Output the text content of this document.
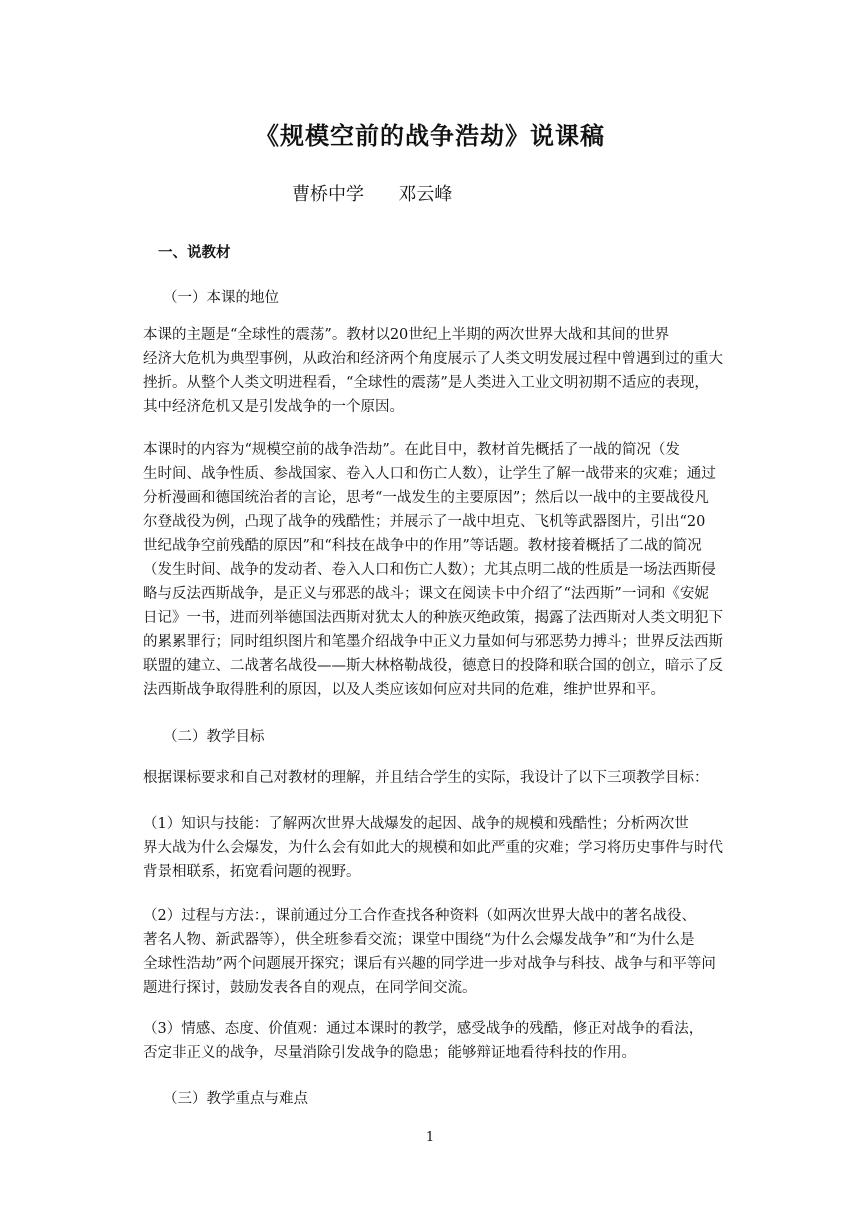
《规模空前的战争浩劫》说课稿
曹桥中学      邓云峰
一、说教材
（一）本课的地位
本课的主题是“全球性的震荡”。教材以20世纪上半期的两次世界大战和其间的世界
经济大危机为典型事例，从政治和经济两个角度展示了人类文明发展过程中曾遇到过的重大
挫折。从整个人类文明进程看，“全球性的震荡”是人类进入工业文明初期不适应的表现，
其中经济危机又是引发战争的一个原因。
本课时的内容为“规模空前的战争浩劫”。在此目中，教材首先概括了一战的简况（发
生时间、战争性质、参战国家、卷入人口和伤亡人数），让学生了解一战带来的灾难；通过
分析漫画和德国统治者的言论，思考“一战发生的主要原因”；然后以一战中的主要战役凡
尔登战役为例，凸现了战争的残酷性；并展示了一战中坦克、飞机等武器图片，引出“20
世纪战争空前残酷的原因”和“科技在战争中的作用”等话题。教材接着概括了二战的简况
（发生时间、战争的发动者、卷入人口和伤亡人数）；尤其点明二战的性质是一场法西斯侵
略与反法西斯战争，是正义与邪恶的战斗；课文在阅读卡中介绍了“法西斯”一词和《安妮
日记》一书，进而列举德国法西斯对犹太人的种族灭绝政策，揭露了法西斯对人类文明犯下
的累累罪行；同时组织图片和笔墨介绍战争中正义力量如何与邪恶势力搏斗；世界反法西斯
联盟的建立、二战著名战役——斯大林格勒战役，德意日的投降和联合国的创立，暗示了反
法西斯战争取得胜利的原因，以及人类应该如何应对共同的危难，维护世界和平。
（二）教学目标
根据课标要求和自己对教材的理解，并且结合学生的实际，我设计了以下三项教学目标：
（1）知识与技能：了解两次世界大战爆发的起因、战争的规模和残酷性；分析两次世
界大战为什么会爆发，为什么会有如此大的规模和如此严重的灾难；学习将历史事件与时代
背景相联系，拓宽看问题的视野。
（2）过程与方法：，课前通过分工合作查找各种资料（如两次世界大战中的著名战役、
著名人物、新武器等），供全班参看交流；课堂中围绕“为什么会爆发战争”和“为什么是
全球性浩劫”两个问题展开探究；课后有兴趣的同学进一步对战争与科技、战争与和平等问
题进行探讨，鼓励发表各自的观点，在同学间交流。
（3）情感、态度、价值观：通过本课时的教学，感受战争的残酷，修正对战争的看法，
否定非正义的战争，尽量消除引发战争的隐患；能够辩证地看待科技的作用。
（三）教学重点与难点
1
